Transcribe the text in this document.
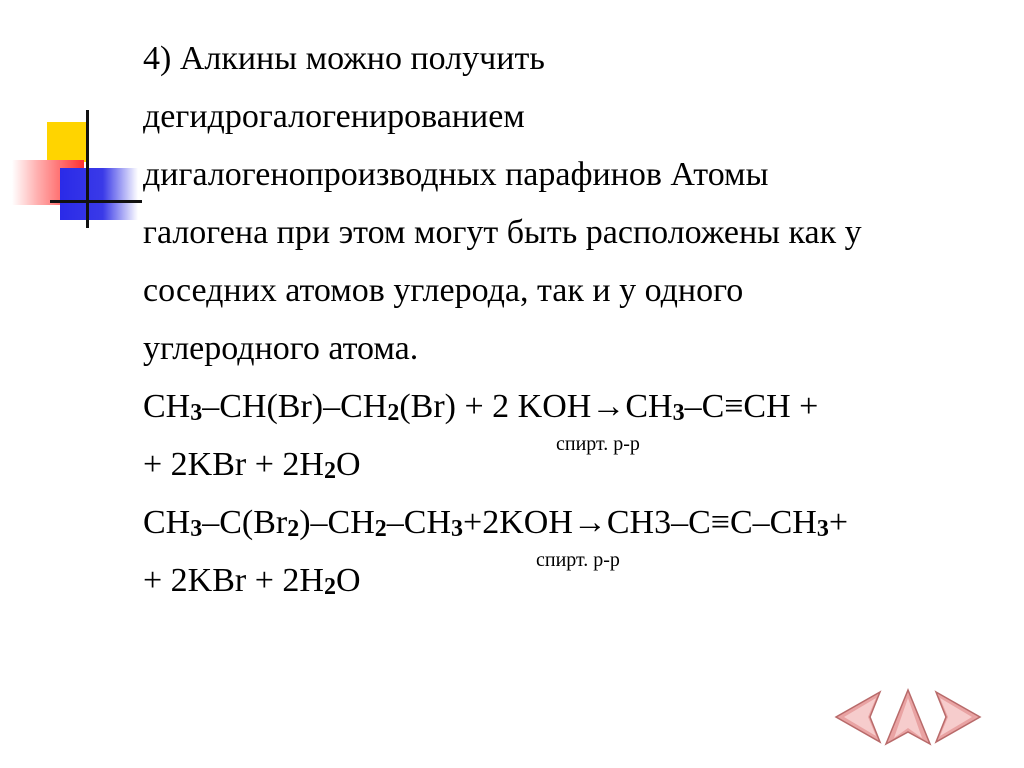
4) Алкины можно получить
дегидрогалогенированием
дигалогенопроизводных парафинов Атомы
галогена при этом могут быть расположены как у
соседних атомов углерода, так и у одного
углеродного атома.
CH3–CH(Br)–CH2(Br) + 2 KOH→CH3–C≡CH +
+ 2KBr + 2H2O
спирт. р-р
CH3–C(Br2)–CH2–CH3+2KOH→CH3–C≡C–CH3+
+ 2KBr + 2H2O
спирт. р-р
